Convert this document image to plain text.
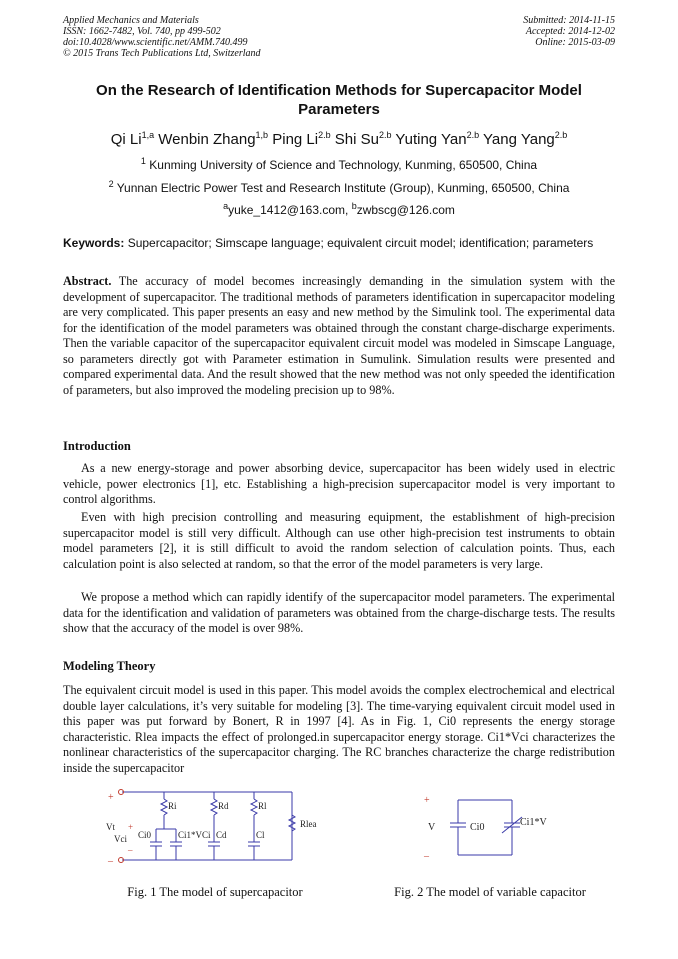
Applied Mechanics and Materials
ISSN: 1662-7482, Vol. 740, pp 499-502
doi:10.4028/www.scientific.net/AMM.740.499
© 2015 Trans Tech Publications Ltd, Switzerland
Submitted: 2014-11-15
Accepted: 2014-12-02
Online: 2015-03-09
On the Research of Identification Methods for Supercapacitor Model Parameters
Qi Li$^{1,a}$ Wenbin Zhang$^{1,b}$ Ping $Li^{2.b}$ Shi $Su^{2.b}$ Yuting Yan$^{2.b}$ Yang Yang$^{2.b}$
$^1$ Kunming University of Science and Technology, Kunming, 650500, China
$^2$ Yunnan Electric Power Test and Research Institute (Group), Kunming, 650500, China
$^a$yuke_1412@163.com, $^b$zwbscg@126.com
Keywords: Supercapacitor; Simscape language; equivalent circuit model; identification; parameters
Abstract. The accuracy of model becomes increasingly demanding in the simulation system with the development of supercapacitor. The traditional methods of parameters identification in supercapacitor modeling are very complicated. This paper presents an easy and new method by the Simulink tool. The experimental data for the identification of the model parameters was obtained through the constant charge-discharge experiments. Then the variable capacitor of the supercapacitor equivalent circuit model was modeled in Simscape Language, so parameters directly got with Parameter estimation in Sumulink. Simulation results were presented and compared experimental data. And the result showed that the new method was not only speeded the identification of parameters, but also improved the modeling precision up to 98%.
Introduction
As a new energy-storage and power absorbing device, supercapacitor has been widely used in electric vehicle, power electronics [1], etc. Establishing a high-precision supercapacitor model is very important to control algorithms.
Even with high precision controlling and measuring equipment, the establishment of high-precision supercapacitor model is still very difficult. Although can use other high-precision test instruments to obtain model parameters [2], it is still difficult to avoid the random selection of calculation points. Thus, each calculation point is also selected at random, so that the error of the model parameters is very large.
We propose a method which can rapidly identify of the supercapacitor model parameters. The experimental data for the identification and validation of parameters was obtained from the charge-discharge tests. The results show that the accuracy of the model is over 98%.
Modeling Theory
The equivalent circuit model is used in this paper. This model avoids the complex electrochemical and electrical double layer calculations, it’s very suitable for modeling [3]. The time-varying equivalent circuit model used in this paper was put forward by Bonert, R in 1997 [4]. As in Fig. 1, Ci0 represents the energy storage characteristic. Rlea impacts the effect of prolonged.in supercapacitor energy storage. Ci1*Vci characterizes the nonlinear characteristics of the supercapacitor charging. The RC branches characterize the charge redistribution inside the supercapacitor
+
–
Vt +
Vci
–
Ri
Ci0	Ci1*VCi
Rd
Cd
Rl
Cl
Rlea
Fig. 1 The model of supercapacitor
+
–
V	Ci0	Ci1*V
Fig. 2 The model of variable capacitor
